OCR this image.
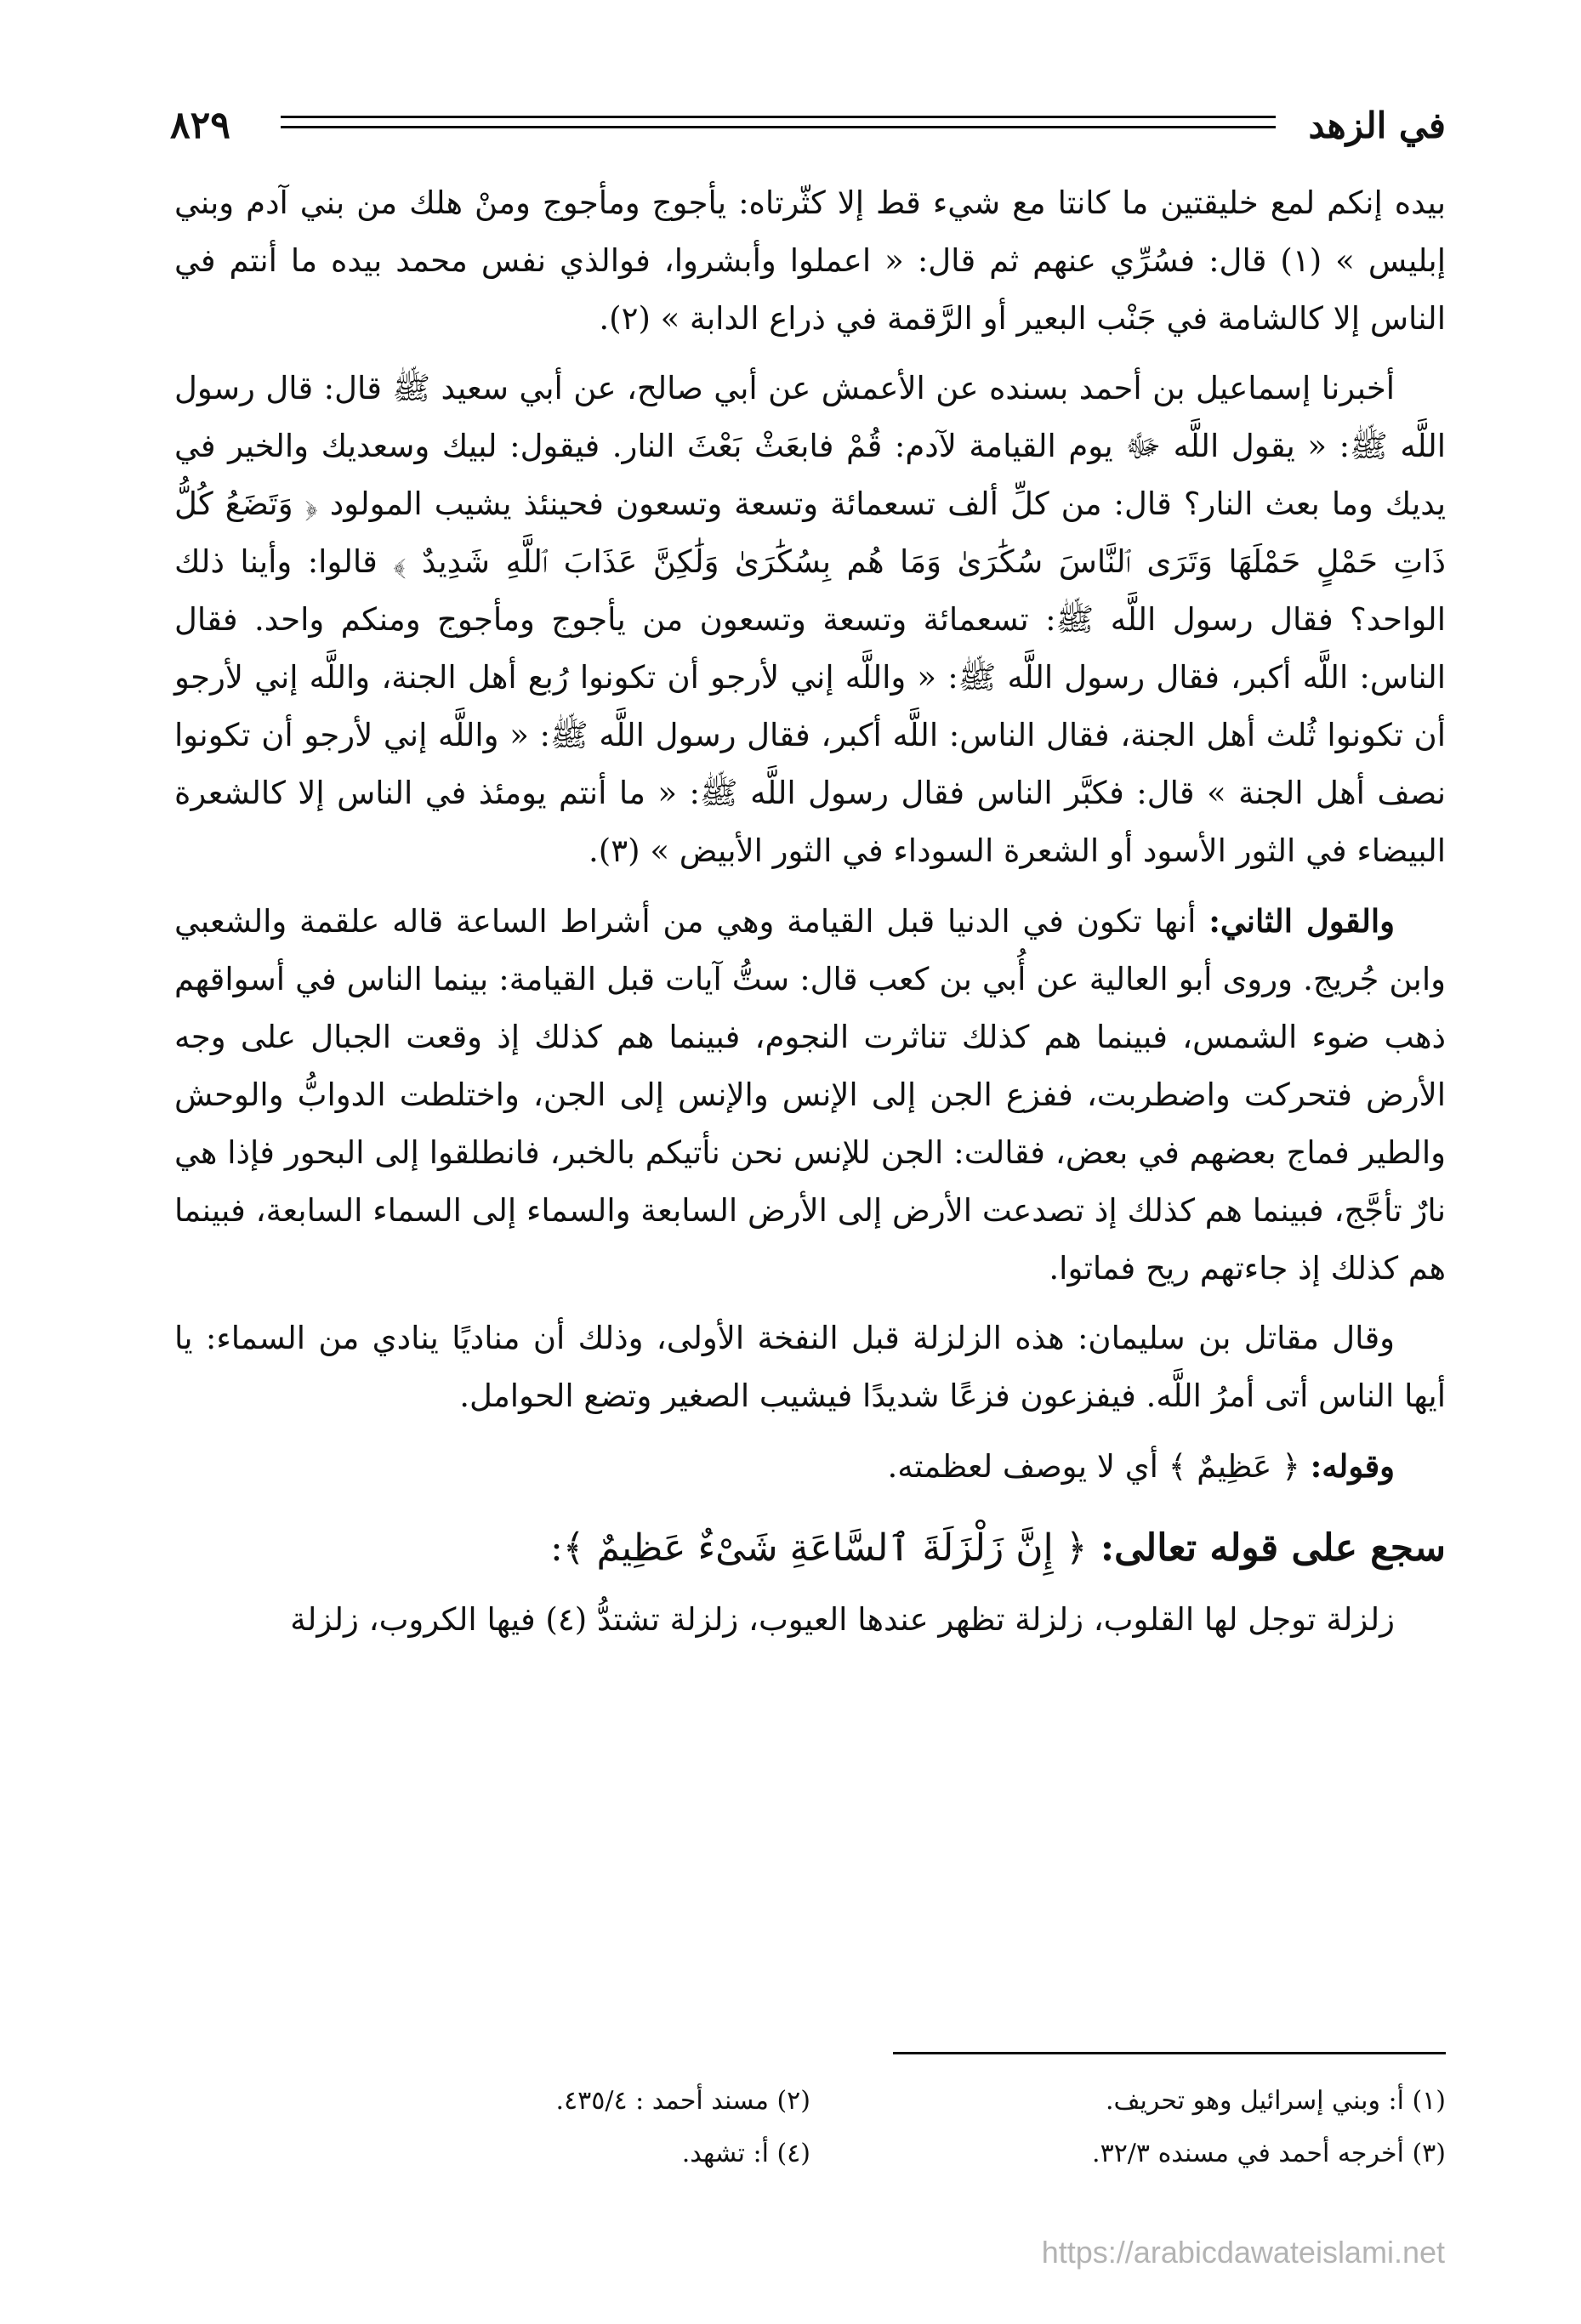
في الزهد
٨٢٩

بيده إنكم لمع خليقتين ما كانتا مع شيء قط إلا كثّرتاه: يأجوج ومأجوج ومنْ هلك من بني آدم وبني إبليس » (١) قال: فسُرِّي عنهم ثم قال: « اعملوا وأبشروا، فوالذي نفس محمد بيده ما أنتم في الناس إلا كالشامة في جَنْب البعير أو الرَّقمة في ذراع الدابة » (٢).

أخبرنا إسماعيل بن أحمد بسنده عن الأعمش عن أبي صالح، عن أبي سعيد ﷺ قال: قال رسول اللَّه ﷺ: « يقول اللَّه ﷻ يوم القيامة لآدم: قُمْ فابعَثْ بَعْثَ النار. فيقول: لبيك وسعديك والخير في يديك وما بعث النار؟ قال: من كلِّ ألف تسعمائة وتسعة وتسعون فحينئذ يشيب المولود ﴿ وَتَضَعُ كُلُّ ذَاتِ حَمْلٍ حَمْلَهَا وَتَرَى ٱلنَّاسَ سُكَٰرَىٰ وَمَا هُم بِسُكَٰرَىٰ وَلَٰكِنَّ عَذَابَ ٱللَّهِ شَدِيدٌ ﴾ قالوا: وأينا ذلك الواحد؟ فقال رسول اللَّه ﷺ: تسعمائة وتسعة وتسعون من يأجوج ومأجوج ومنكم واحد. فقال الناس: اللَّه أكبر، فقال رسول اللَّه ﷺ: « واللَّه إني لأرجو أن تكونوا رُبع أهل الجنة، واللَّه إني لأرجو أن تكونوا ثُلث أهل الجنة، فقال الناس: اللَّه أكبر، فقال رسول اللَّه ﷺ: « واللَّه إني لأرجو أن تكونوا نصف أهل الجنة » قال: فكبَّر الناس فقال رسول اللَّه ﷺ: « ما أنتم يومئذ في الناس إلا كالشعرة البيضاء في الثور الأسود أو الشعرة السوداء في الثور الأبيض » (٣).

والقول الثاني: أنها تكون في الدنيا قبل القيامة وهي من أشراط الساعة قاله علقمة والشعبي وابن جُريج. وروى أبو العالية عن أُبي بن كعب قال: ستُّ آيات قبل القيامة: بينما الناس في أسواقهم ذهب ضوء الشمس، فبينما هم كذلك تناثرت النجوم، فبينما هم كذلك إذ وقعت الجبال على وجه الأرض فتحركت واضطربت، ففزع الجن إلى الإنس والإنس إلى الجن، واختلطت الدوابُّ والوحش والطير فماج بعضهم في بعض، فقالت: الجن للإنس نحن نأتيكم بالخبر، فانطلقوا إلى البحور فإذا هي نارٌ تأجَّج، فبينما هم كذلك إذ تصدعت الأرض إلى الأرض السابعة والسماء إلى السماء السابعة، فبينما هم كذلك إذ جاءتهم ريح فماتوا.

وقال مقاتل بن سليمان: هذه الزلزلة قبل النفخة الأولى، وذلك أن مناديًا ينادي من السماء: يا أيها الناس أتى أمرُ اللَّه. فيفزعون فزعًا شديدًا فيشيب الصغير وتضع الحوامل.

وقوله: ﴿ عَظِيمٌ ﴾ أي لا يوصف لعظمته.

سجع على قوله تعالى: ﴿ إِنَّ زَلْزَلَةَ ٱلسَّاعَةِ شَىْءٌ عَظِيمٌ ﴾:

زلزلة توجل لها القلوب، زلزلة تظهر عندها العيوب، زلزلة تشتدُّ (٤) فيها الكروب، زلزلة

(١) أ: وبني إسرائيل وهو تحريف.
(٢) مسند أحمد : ٤٣٥/٤.
(٣) أخرجه أحمد في مسنده ٣٢/٣.
(٤) أ: تشهد.
https://arabicdawateislami.net
